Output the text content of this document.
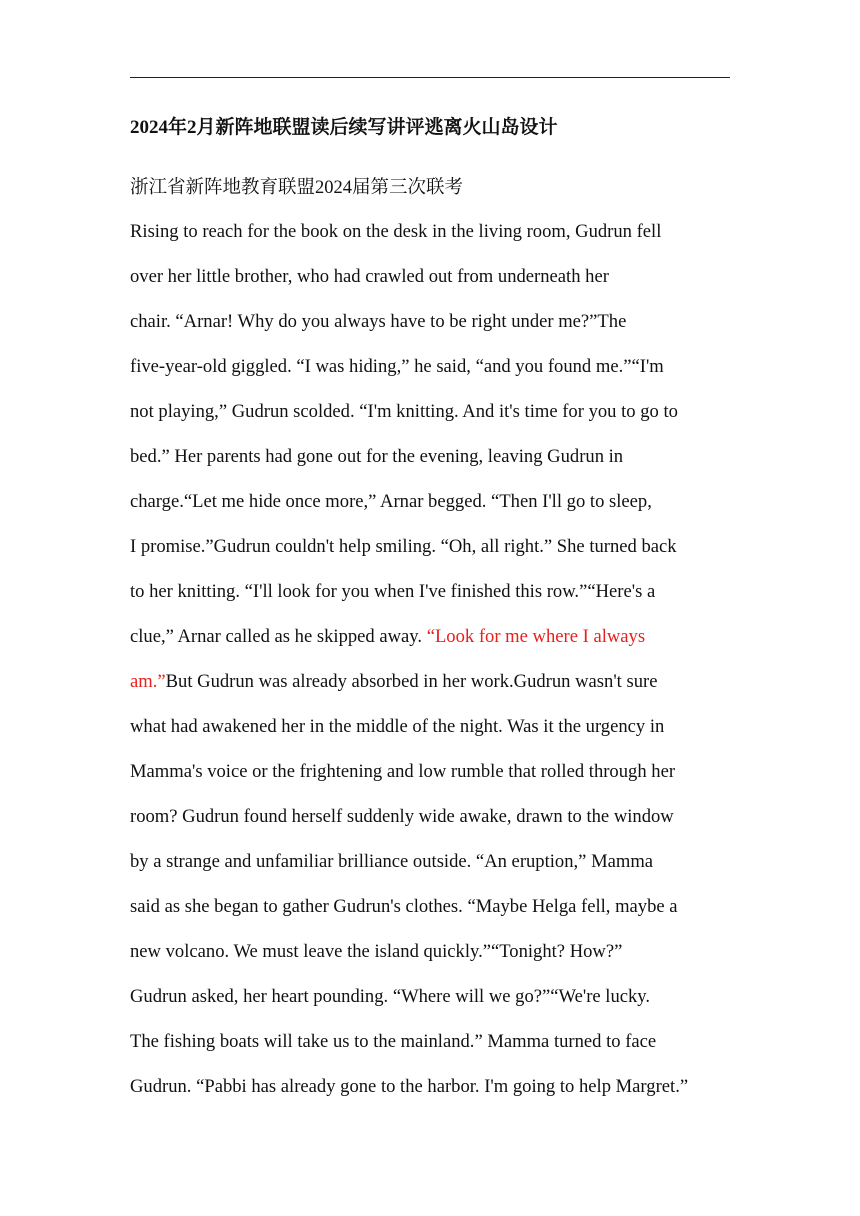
2024年2月新阵地联盟读后续写讲评逃离火山岛设计
浙江省新阵地教育联盟2024届第三次联考
Rising to reach for the book on the desk in the living room, Gudrun fell
over her little brother, who had crawled out from underneath her
chair. “Arnar! Why do you always have to be right under me?”The
five-year-old giggled. “I was hiding,” he said, “and you found me.”“I'm
not playing,” Gudrun scolded. “I'm knitting. And it's time for you to go to
bed.” Her parents had gone out for the evening, leaving Gudrun in
charge.“Let me hide once more,” Arnar begged. “Then I'll go to sleep,
I promise.”Gudrun couldn't help smiling. “Oh, all right.” She turned back
to her knitting. “I'll look for you when I've finished this row.”“Here's a
clue,” Arnar called as he skipped away. “Look for me where I always
am.”But Gudrun was already absorbed in her work.Gudrun wasn't sure
what had awakened her in the middle of the night. Was it the urgency in
Mamma's voice or the frightening and low rumble that rolled through her
room? Gudrun found herself suddenly wide awake, drawn to the window
by a strange and unfamiliar brilliance outside. “An eruption,” Mamma
said as she began to gather Gudrun's clothes. “Maybe Helga fell, maybe a
new volcano. We must leave the island quickly.”“Tonight? How?”
Gudrun asked, her heart pounding. “Where will we go?”“We're lucky.
The fishing boats will take us to the mainland.” Mamma turned to face
Gudrun. “Pabbi has already gone to the harbor. I'm going to help Margret.”
